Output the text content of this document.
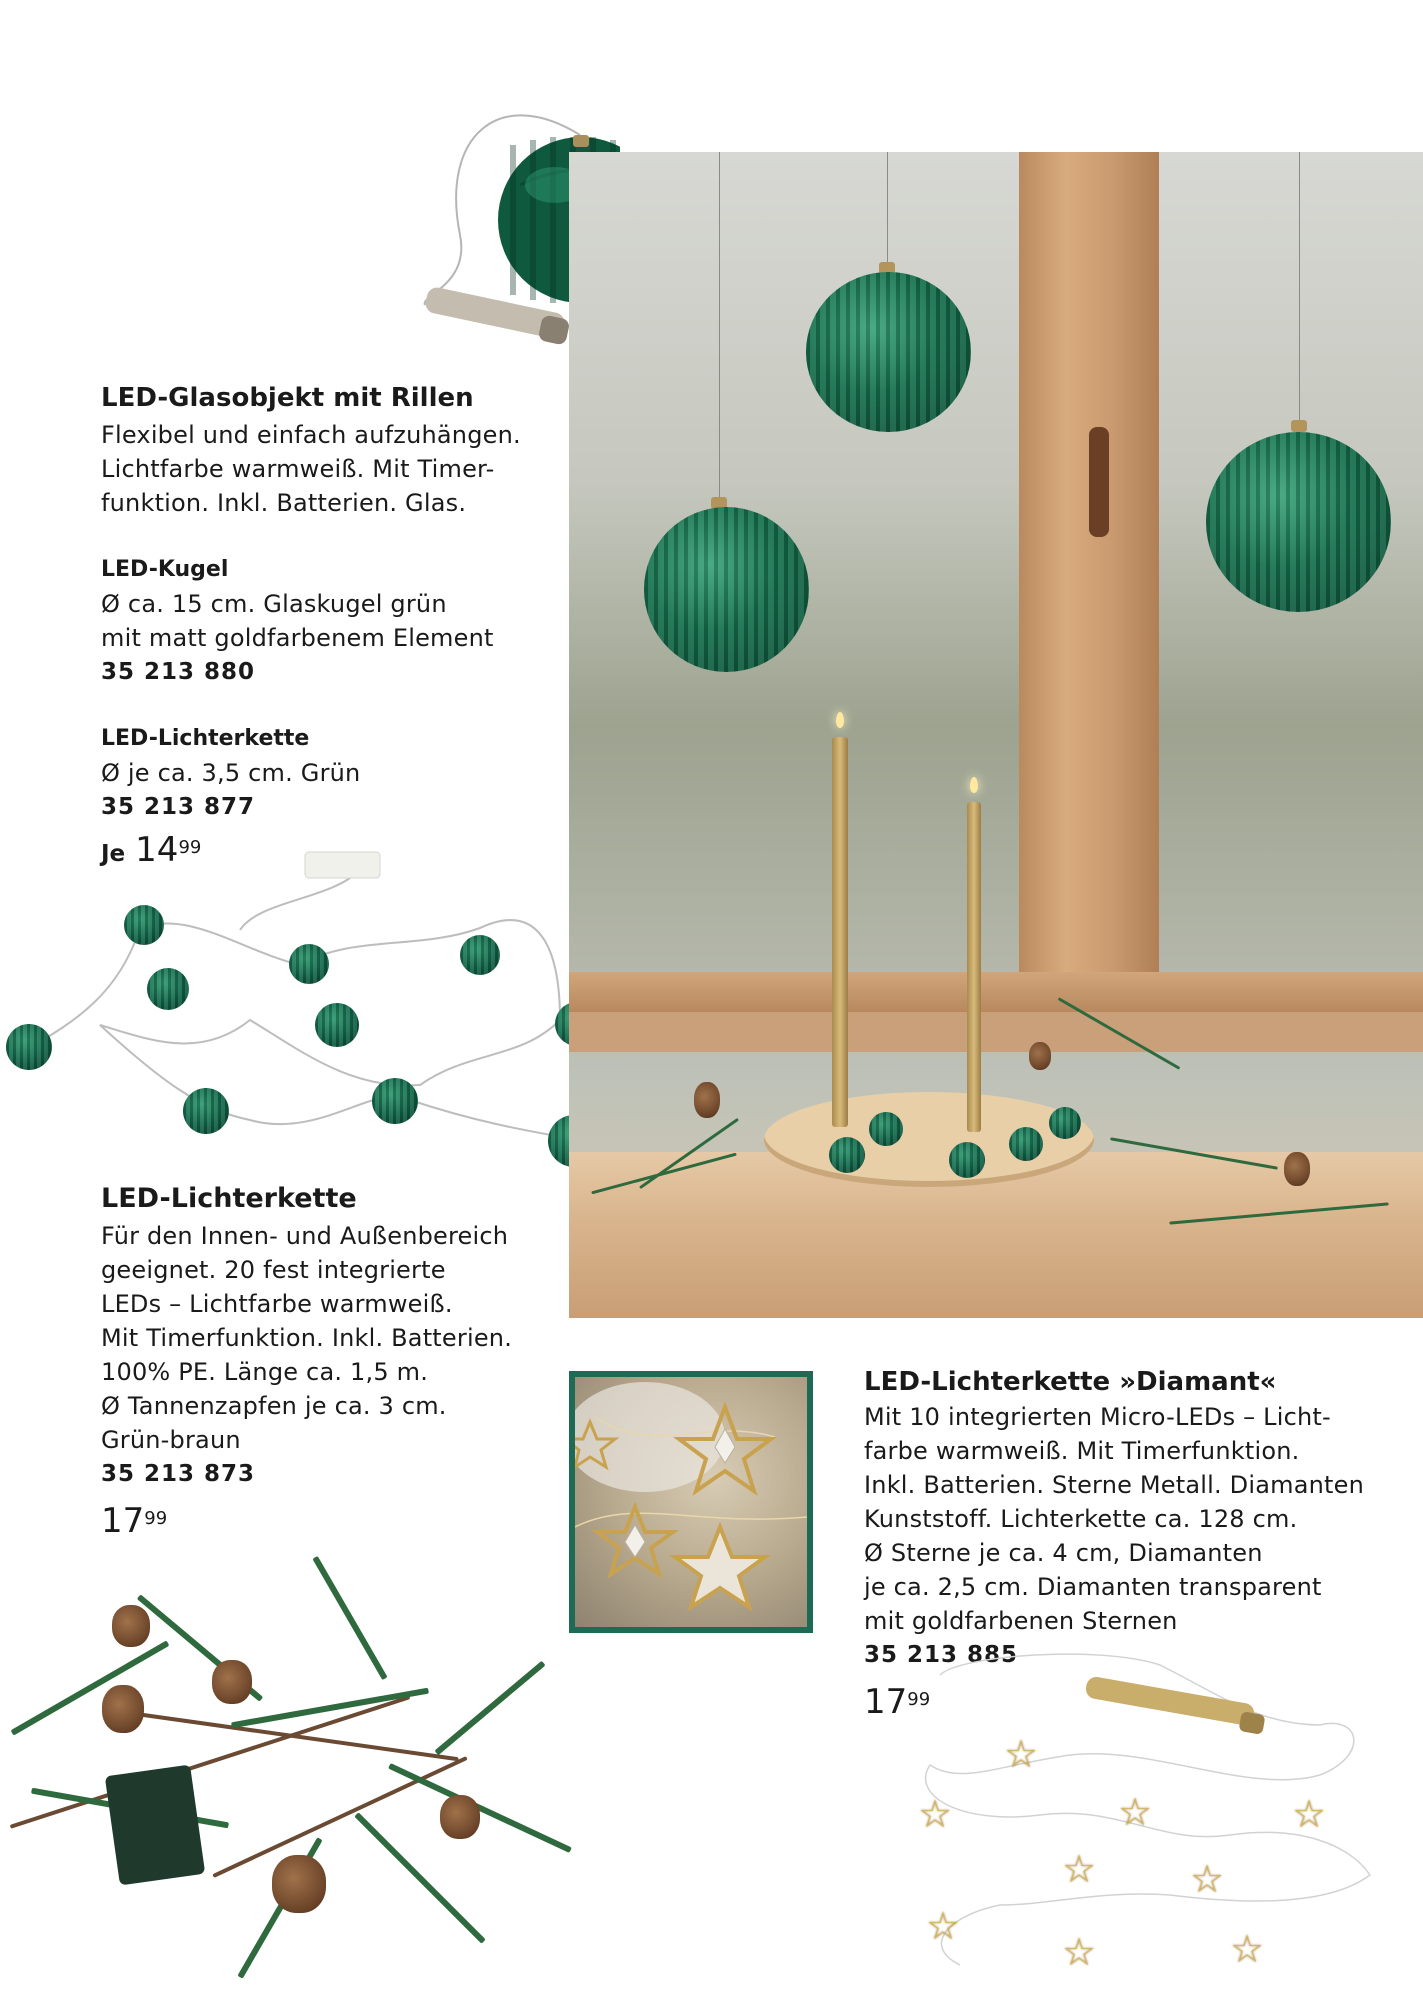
LED-Glasobjekt mit Rillen
Flexibel und einfach aufzuhängen.
Lichtfarbe warmweiß. Mit Timer-
funktion. Inkl. Batterien. Glas.
LED-Kugel
Ø ca. 15 cm. Glaskugel grün
mit matt goldfarbenem Element
35 213 880
LED-Lichterkette
Ø je ca. 3,5 cm. Grün
35 213 877
Je $14^{99}$
LED-Lichterkette
Für den Innen- und Außenbereich
geeignet. 20 fest integrierte
LEDs – Lichtfarbe warmweiß.
Mit Timerfunktion. Inkl. Batterien.
100% PE. Länge ca. 1,5 m.
Ø Tannenzapfen je ca. 3 cm.
Grün-braun
35 213 873
$17^{99}$
LED-Lichterkette »Diamant«
Mit 10 integrierten Micro-LEDs – Licht-
farbe warmweiß. Mit Timerfunktion.
Inkl. Batterien. Sterne Metall. Diamanten
Kunststoff. Lichterkette ca. 128 cm.
Ø Sterne je ca. 4 cm, Diamanten
je ca. 2,5 cm. Diamanten transparent
mit goldfarbenen Sternen
35 213 885
$17^{99}$
☆
☆	☆	☆
☆ ☆
☆
☆	☆
